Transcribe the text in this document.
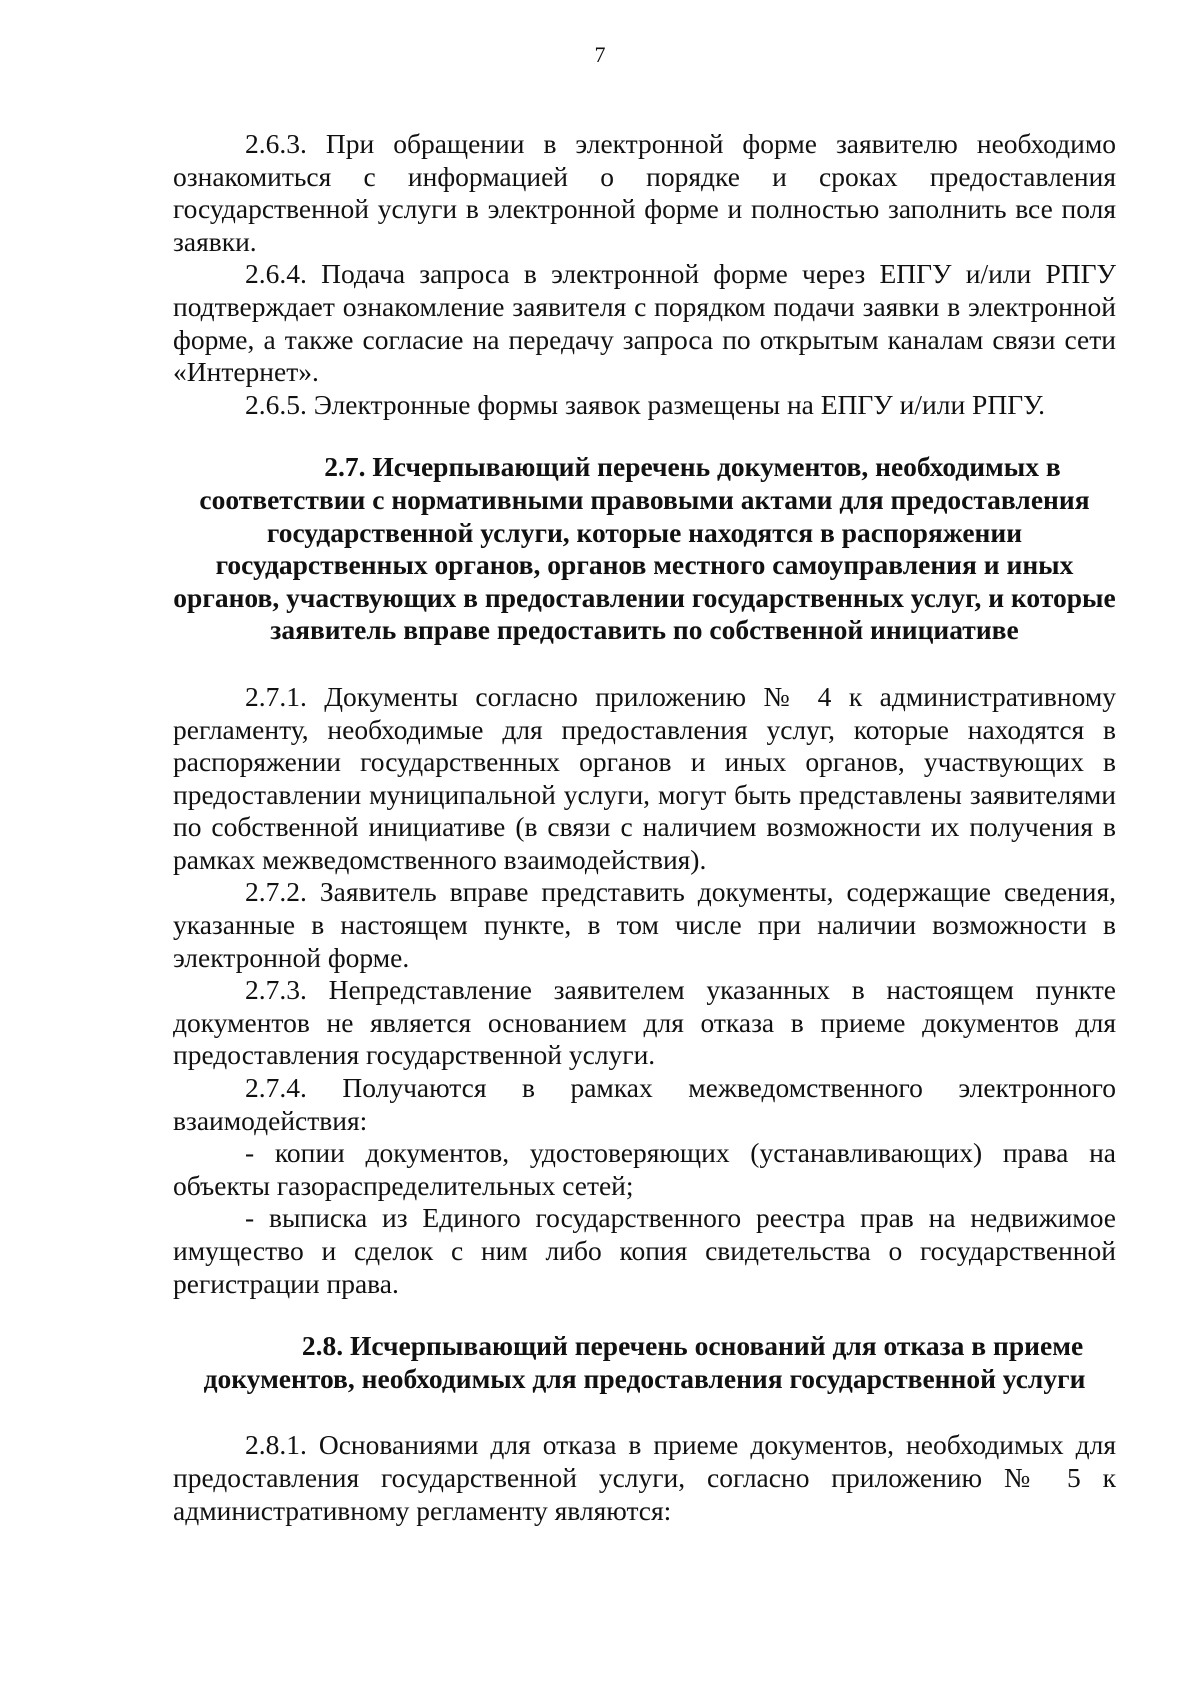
7

2.6.3. При обращении в электронной форме заявителю необходимо ознакомиться с информацией о порядке и сроках предоставления государственной услуги в электронной форме и полностью заполнить все поля заявки.

2.6.4. Подача запроса в электронной форме через ЕПГУ и/или РПГУ подтверждает ознакомление заявителя с порядком подачи заявки в электронной форме, а также согласие на передачу запроса по открытым каналам связи сети «Интернет».

2.6.5. Электронные формы заявок размещены на ЕПГУ и/или РПГУ.

2.7. Исчерпывающий перечень документов, необходимых в соответствии с нормативными правовыми актами для предоставления государственной услуги, которые находятся в распоряжении государственных органов, органов местного самоуправления и иных органов, участвующих в предоставлении государственных услуг, и которые заявитель вправе предоставить по собственной инициативе

2.7.1. Документы согласно приложению № 4 к административному регламенту, необходимые для предоставления услуг, которые находятся в распоряжении государственных органов и иных органов, участвующих в предоставлении муниципальной услуги, могут быть представлены заявителями по собственной инициативе (в связи с наличием возможности их получения в рамках межведомственного взаимодействия).

2.7.2. Заявитель вправе представить документы, содержащие сведения, указанные в настоящем пункте, в том числе при наличии возможности в электронной форме.

2.7.3. Непредставление заявителем указанных в настоящем пункте документов не является основанием для отказа в приеме документов для предоставления государственной услуги.

2.7.4. Получаются в рамках межведомственного электронного взаимодействия:

- копии документов, удостоверяющих (устанавливающих) права на объекты газораспределительных сетей;

- выписка из Единого государственного реестра прав на недвижимое имущество и сделок с ним либо копия свидетельства о государственной регистрации права.

2.8. Исчерпывающий перечень оснований для отказа в приеме документов, необходимых для предоставления государственной услуги

2.8.1. Основаниями для отказа в приеме документов, необходимых для предоставления государственной услуги, согласно приложению № 5 к административному регламенту являются:
